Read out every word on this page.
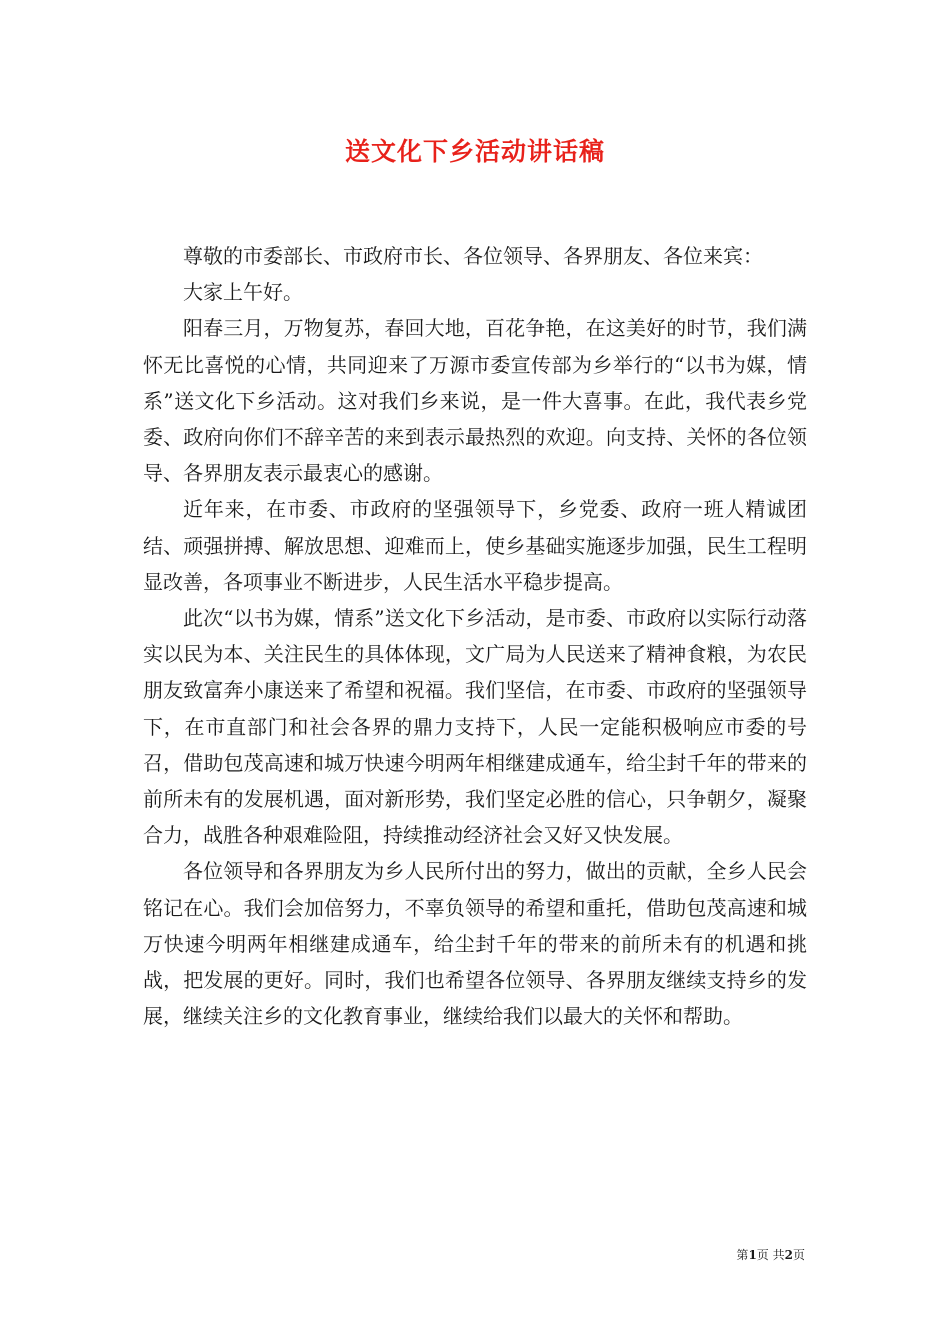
送文化下乡活动讲话稿

尊敬的市委部长、市政府市长、各位领导、各界朋友、各位来宾：

大家上午好。

阳春三月，万物复苏，春回大地，百花争艳，在这美好的时节，我们满怀无比喜悦的心情，共同迎来了万源市委宣传部为乡举行的“以书为媒，情系”送文化下乡活动。这对我们乡来说，是一件大喜事。在此，我代表乡党委、政府向你们不辞辛苦的来到表示最热烈的欢迎。向支持、关怀的各位领导、各界朋友表示最衷心的感谢。

近年来，在市委、市政府的坚强领导下，乡党委、政府一班人精诚团结、顽强拼搏、解放思想、迎难而上，使乡基础实施逐步加强，民生工程明显改善，各项事业不断进步，人民生活水平稳步提高。

此次“以书为媒，情系”送文化下乡活动，是市委、市政府以实际行动落实以民为本、关注民生的具体体现，文广局为人民送来了精神食粮，为农民朋友致富奔小康送来了希望和祝福。我们坚信，在市委、市政府的坚强领导下，在市直部门和社会各界的鼎力支持下，人民一定能积极响应市委的号召，借助包茂高速和城万快速今明两年相继建成通车，给尘封千年的带来的前所未有的发展机遇，面对新形势，我们坚定必胜的信心，只争朝夕，凝聚合力，战胜各种艰难险阻，持续推动经济社会又好又快发展。

各位领导和各界朋友为乡人民所付出的努力，做出的贡献，全乡人民会铭记在心。我们会加倍努力，不辜负领导的希望和重托，借助包茂高速和城万快速今明两年相继建成通车，给尘封千年的带来的前所未有的机遇和挑战，把发展的更好。同时，我们也希望各位领导、各界朋友继续支持乡的发展，继续关注乡的文化教育事业，继续给我们以最大的关怀和帮助。

第1页 共2页
